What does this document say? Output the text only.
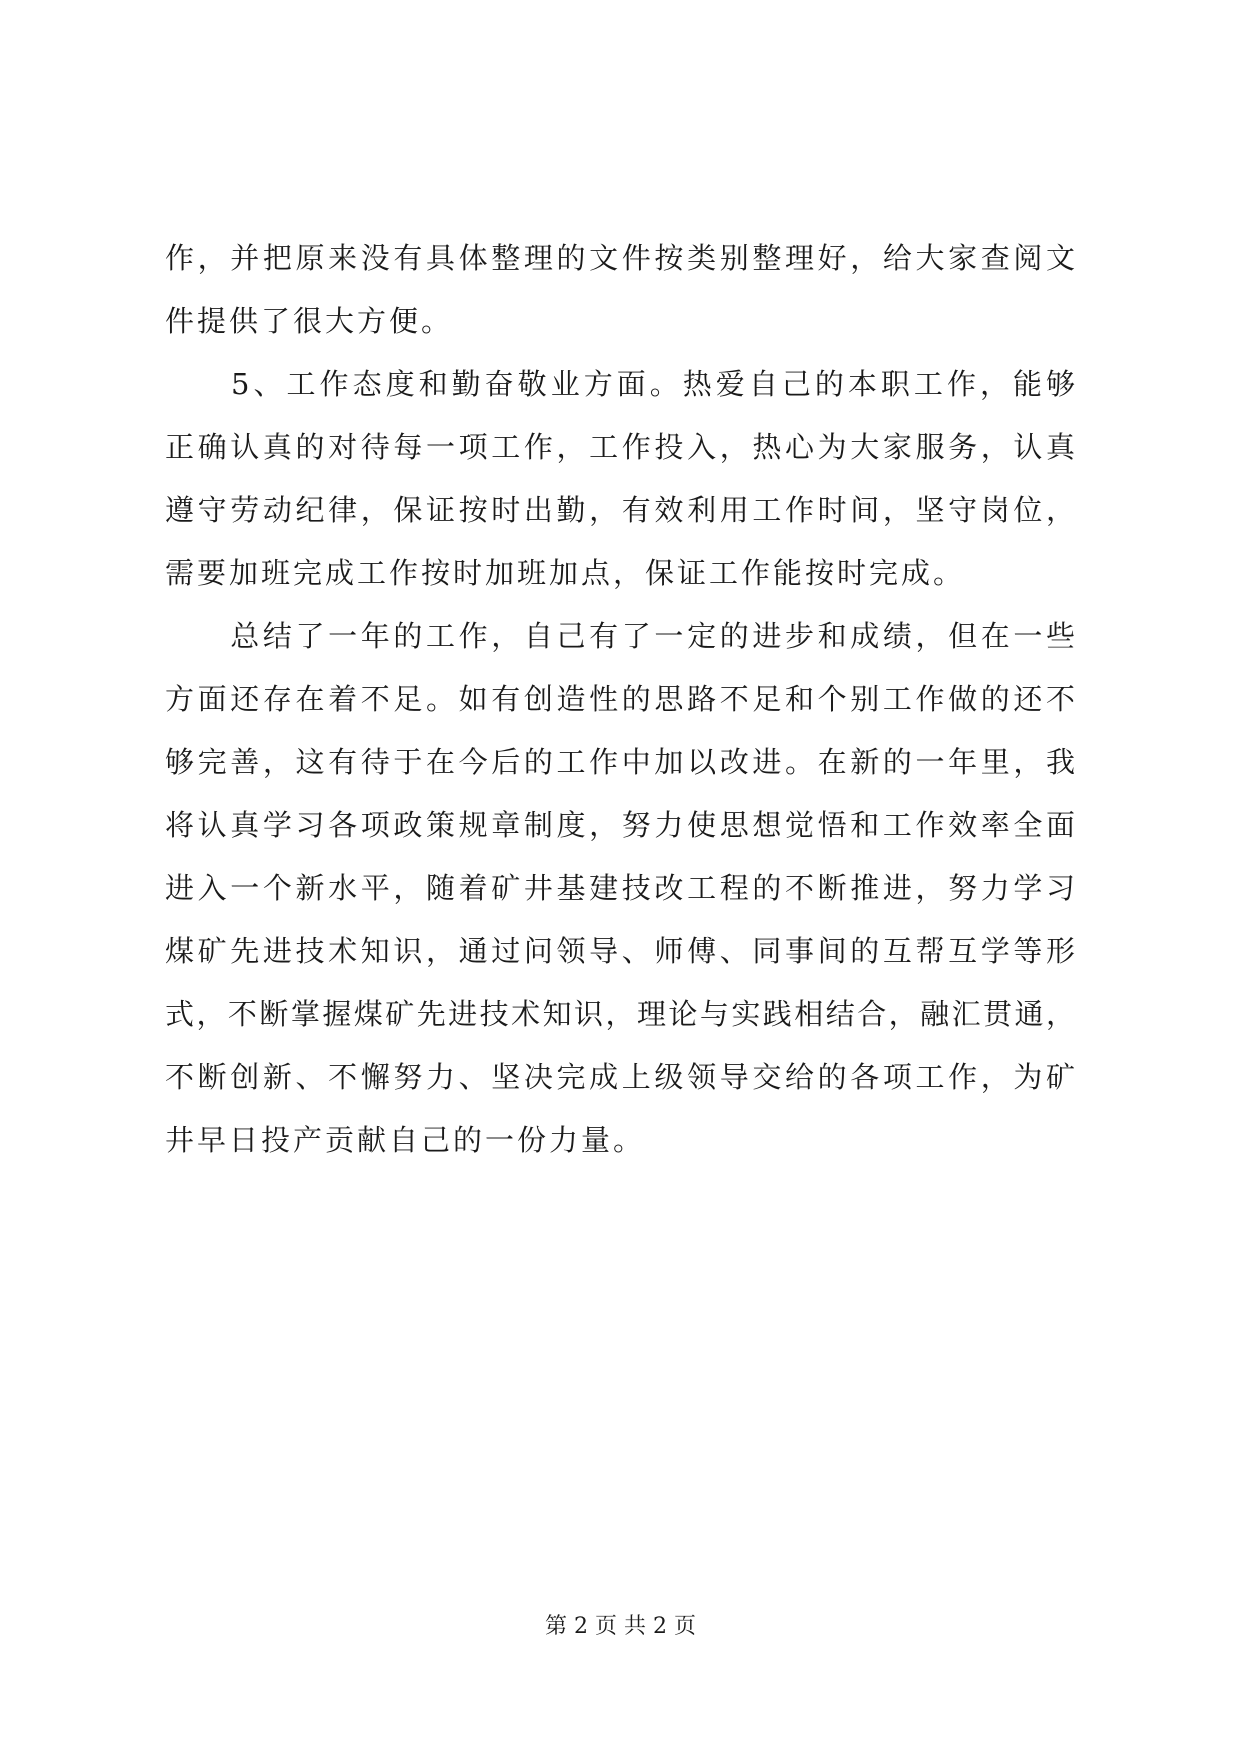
作，并把原来没有具体整理的文件按类别整理好，给大家查阅文
件提供了很大方便。
　　5、工作态度和勤奋敬业方面。热爱自己的本职工作，能够
正确认真的对待每一项工作，工作投入，热心为大家服务，认真
遵守劳动纪律，保证按时出勤，有效利用工作时间，坚守岗位，
需要加班完成工作按时加班加点，保证工作能按时完成。
　　总结了一年的工作，自己有了一定的进步和成绩，但在一些
方面还存在着不足。如有创造性的思路不足和个别工作做的还不
够完善，这有待于在今后的工作中加以改进。在新的一年里，我
将认真学习各项政策规章制度，努力使思想觉悟和工作效率全面
进入一个新水平，随着矿井基建技改工程的不断推进，努力学习
煤矿先进技术知识，通过问领导、师傅、同事间的互帮互学等形
式，不断掌握煤矿先进技术知识，理论与实践相结合，融汇贯通，
不断创新、不懈努力、坚决完成上级领导交给的各项工作，为矿
井早日投产贡献自己的一份力量。
第 2 页 共 2 页
